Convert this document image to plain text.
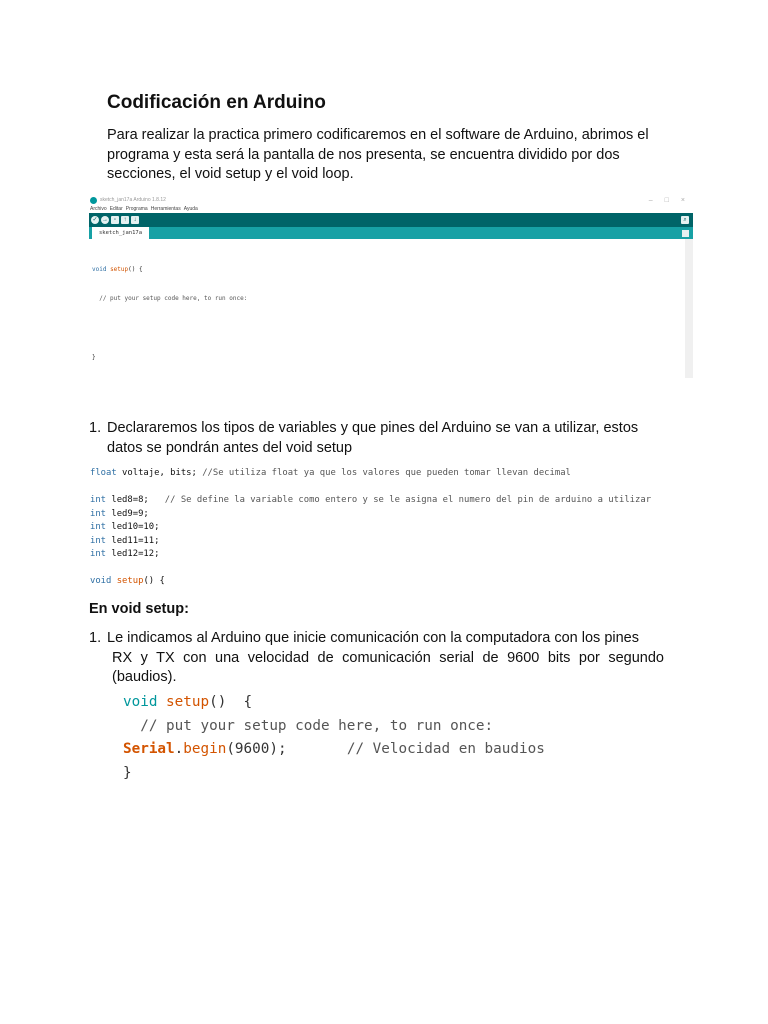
Codificación en Arduino
Para realizar la practica primero codificaremos en el software de Arduino, abrimos el programa y esta será la pantalla de nos presenta, se encuentra dividido por dos secciones, el void setup y el void loop.
sketch_jan17a Arduino 1.8.12	– □ ×
Archivo Editar Programa Herramientas Ayuda
✓ → ▫	↑	↓	⌕
sketch_jan17a

void setup() {

// put your setup code here, to run once:

}

1. Declararemos los tipos de variables y que pines del Arduino se van a utilizar, estos
datos se pondrán antes del void setup
float voltaje, bits; //Se utiliza float ya que los valores que pueden tomar llevan decimal
int led8=8;   // Se define la variable como entero y se le asigna el numero del pin de arduino a utilizar
int led9=9;
int led10=10;
int led11=11;
int led12=12;
void setup() {
En void setup:
1. Le indicamos al Arduino que inicie comunicación con la computadora con los pines
RX y TX con una velocidad de comunicación serial de 9600 bits por segundo
(baudios).

void setup()  {

// put your setup code here, to run once:

Serial.begin(9600);       // Velocidad en baudios

}
